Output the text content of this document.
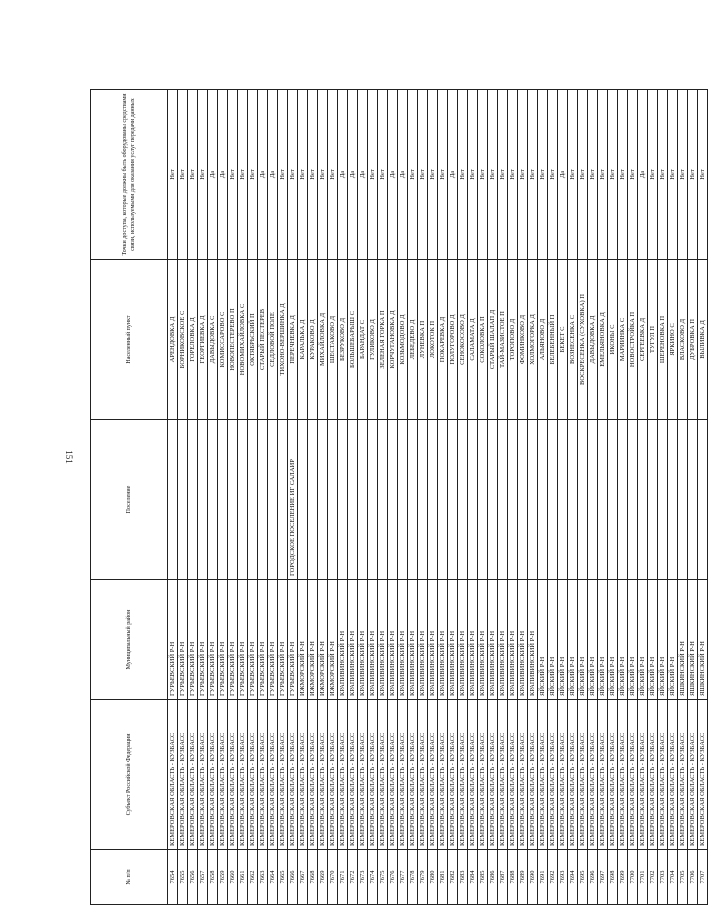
151
№ п/п	Субъект Российской Федерации	Муниципальный район	Поселение	Населенный пункт	Точки доступа, которые должны быть оборудованы средствами связи, используемыми для оказания услуг передачи данных
7654	КЕМЕРОВСКАЯ ОБЛАСТЬ - КУЗБАСС	ГУРЬЕВСКИЙ Р-Н		АРЕНДОВКА Д	Нет
7655	КЕМЕРОВСКАЯ ОБЛАСТЬ - КУЗБАСС	ГУРЬЕВСКИЙ Р-Н		БОРНИКОВСКОЕ С	Нет
7656	КЕМЕРОВСКАЯ ОБЛАСТЬ - КУЗБАСС	ГУРЬЕВСКИЙ Р-Н		ГОРЕЛОВКА Д	Нет
7657	КЕМЕРОВСКАЯ ОБЛАСТЬ - КУЗБАСС	ГУРЬЕВСКИЙ Р-Н		ГЕОРГИЕВКА Д	Нет
7658	КЕМЕРОВСКАЯ ОБЛАСТЬ - КУЗБАСС	ГУРЬЕВСКИЙ Р-Н		ДАВЫДОВКА С	Да
7659	КЕМЕРОВСКАЯ ОБЛАСТЬ - КУЗБАСС	ГУРЬЕВСКИЙ Р-Н		КОМИССАРОВО С	Да
7660	КЕМЕРОВСКАЯ ОБЛАСТЬ - КУЗБАСС	ГУРЬЕВСКИЙ Р-Н		НОВОПЕСТЕРЕВО П	Нет
7661	КЕМЕРОВСКАЯ ОБЛАСТЬ - КУЗБАСС	ГУРЬЕВСКИЙ Р-Н		НОВОМИХАЙЛОВКА С	Нет
7662	КЕМЕРОВСКАЯ ОБЛАСТЬ - КУЗБАСС	ГУРЬЕВСКИЙ Р-Н		ОКТЯБРЬСКИЙ П	Нет
7663	КЕМЕРОВСКАЯ ОБЛАСТЬ - КУЗБАСС	ГУРЬЕВСКИЙ Р-Н		СТАРЫЙ ПЕСТЕРЕВ	Да
7664	КЕМЕРОВСКАЯ ОБЛАСТЬ - КУЗБАСС	ГУРЬЕВСКИЙ Р-Н		СЕДЛОВОЙ ПОЛЕ	Да
7665	КЕМЕРОВСКАЯ ОБЛАСТЬ - КУЗБАСС	ГУРЬЕВСКИЙ Р-Н		ТИХОНО-ВЕРШИНКА Д	Нет
7666	КЕМЕРОВСКАЯ ОБЛАСТЬ - КУЗБАСС	ГУРЬЕВСКИЙ Р-Н	ГОРОДСКОЕ ПОСЕЛЕНИЕ ИГ САЛАИР	ПЕРЕЧНЕВКА Д	Нет
7667	КЕМЕРОВСКАЯ ОБЛАСТЬ - КУЗБАСС	ИЖМОРСКИЙ Р-Н		КАРАЛЬКА Д	Нет
7668	КЕМЕРОВСКАЯ ОБЛАСТЬ - КУЗБАСС	ИЖМОРСКИЙ Р-Н		КУРАКОВО Д	Нет
7669	КЕМЕРОВСКАЯ ОБЛАСТЬ - КУЗБАСС	ИЖМОРСКИЙ Р-Н		МИХАЙЛОВКА Д	Нет
7670	КЕМЕРОВСКАЯ ОБЛАСТЬ - КУЗБАСС	ИЖМОРСКИЙ Р-Н		ШЕСТАКОВО Д	Нет
7671	КЕМЕРОВСКАЯ ОБЛАСТЬ - КУЗБАСС	КРАПИВИНСКИЙ Р-Н		БЕЗРУКОВО Д	Да
7672	КЕМЕРОВСКАЯ ОБЛАСТЬ - КУЗБАСС	КРАПИВИНСКИЙ Р-Н		БОЛЬШЕБАРЫШ С	Да
7673	КЕМЕРОВСКАЯ ОБЛАСТЬ - КУЗБАСС	КРАПИВИНСКИЙ Р-Н		БАРАНДАТ С	Да
7674	КЕМЕРОВСКАЯ ОБЛАСТЬ - КУЗБАСС	КРАПИВИНСКИЙ Р-Н		ГУЛИКОВО Д	Нет
7675	КЕМЕРОВСКАЯ ОБЛАСТЬ - КУЗБАСС	КРАПИВИНСКИЙ Р-Н		ЗЕЛЕНАЯ ГОРКА П	Нет
7676	КЕМЕРОВСКАЯ ОБЛАСТЬ - КУЗБАСС	КРАПИВИНСКИЙ Р-Н		КОРЧУГАНОВКА Д	Да
7677	КЕМЕРОВСКАЯ ОБЛАСТЬ - КУЗБАСС	КРАПИВИНСКИЙ Р-Н		КОЗЬМОДОВО Д	Да
7678	КЕМЕРОВСКАЯ ОБЛАСТЬ - КУЗБАСС	КРАПИВИНСКИЙ Р-Н		ЛЕБЕДЕВО Д	Нет
7679	КЕМЕРОВСКАЯ ОБЛАСТЬ - КУЗБАСС	КРАПИВИНСКИЙ Р-Н		ЛУНЕВКА П	Нет
7680	КЕМЕРОВСКАЯ ОБЛАСТЬ - КУЗБАСС	КРАПИВИНСКИЙ Р-Н		ЛОКОТОК П	Нет
7681	КЕМЕРОВСКАЯ ОБЛАСТЬ - КУЗБАСС	КРАПИВИНСКИЙ Р-Н		ПОКАРЕВКА Д	Нет
7682	КЕМЕРОВСКАЯ ОБЛАСТЬ - КУЗБАСС	КРАПИВИНСКИЙ Р-Н		ПОЛУГОРОВО Д	Да
7683	КЕМЕРОВСКАЯ ОБЛАСТЬ - КУЗБАСС	КРАПИВИНСКИЙ Р-Н		СЕНОКОСОВО Д	Нет
7684	КЕМЕРОВСКАЯ ОБЛАСТЬ - КУЗБАСС	КРАПИВИНСКИЙ Р-Н		САЛАМАТА Д	Нет
7685	КЕМЕРОВСКАЯ ОБЛАСТЬ - КУЗБАСС	КРАПИВИНСКИЙ Р-Н		СОКОЛОВКА П	Нет
7686	КЕМЕРОВСКАЯ ОБЛАСТЬ - КУЗБАСС	КРАПИВИНСКИЙ Р-Н		СТАРЫЙ ШАЛАП Д	Нет
7687	КЕМЕРОВСКАЯ ОБЛАСТЬ - КУЗБАСС	КРАПИВИНСКИЙ Р-Н		ТАЙ-МАЗИСТОЕ П	Нет
7688	КЕМЕРОВСКАЯ ОБЛАСТЬ - КУЗБАСС	КРАПИВИНСКИЙ Р-Н		ТОРОПОВО Д	Нет
7689	КЕМЕРОВСКАЯ ОБЛАСТЬ - КУЗБАСС	КРАПИВИНСКИЙ Р-Н		ФОМИНКОВО Д	Нет
7690	КЕМЕРОВСКАЯ ОБЛАСТЬ - КУЗБАСС	КРАПИВИНСКИЙ Р-Н		ХОЛМОГОРКА Д	Нет
7691	КЕМЕРОВСКАЯ ОБЛАСТЬ - КУЗБАСС	ЯЙСКИЙ Р-Н		АЛЬЯНОВО Д	Нет
7692	КЕМЕРОВСКАЯ ОБЛАСТЬ - КУЗБАСС	ЯЙСКИЙ Р-Н		БЕЛЕБЕННЫЙ П	Нет
7693	КЕМЕРОВСКАЯ ОБЛАСТЬ - КУЗБАСС	ЯЙСКИЙ Р-Н		БЕКЕТ С	Да
7694	КЕМЕРОВСКАЯ ОБЛАСТЬ - КУЗБАСС	ЯЙСКИЙ Р-Н		ВОЗНЕСЕНКА С	Нет
7695	КЕМЕРОВСКАЯ ОБЛАСТЬ - КУЗБАСС	ЯЙСКИЙ Р-Н		ВОСКРЕСЕНКА (СУХОВКА) П	Нет
7696	КЕМЕРОВСКАЯ ОБЛАСТЬ - КУЗБАСС	ЯЙСКИЙ Р-Н		ДАВЫДОВКА Д	Нет
7697	КЕМЕРОВСКАЯ ОБЛАСТЬ - КУЗБАСС	ЯЙСКИЙ Р-Н		ЕМЕЛЬЯНОВКА Д	Нет
7698	КЕМЕРОВСКАЯ ОБЛАСТЬ - КУЗБАСС	ЯЙСКИЙ Р-Н		ИКОНЫ С	Нет
7699	КЕМЕРОВСКАЯ ОБЛАСТЬ - КУЗБАСС	ЯЙСКИЙ Р-Н		МАРИИНКА С	Нет
7700	КЕМЕРОВСКАЯ ОБЛАСТЬ - КУЗБАСС	ЯЙСКИЙ Р-Н		НОВОСТРОЙКА П	Нет
7701	КЕМЕРОВСКАЯ ОБЛАСТЬ - КУЗБАСС	ЯЙСКИЙ Р-Н		СЕРГЕЕВКА Д	Да
7702	КЕМЕРОВСКАЯ ОБЛАСТЬ - КУЗБАСС	ЯЙСКИЙ Р-Н		ТУГУЛ П	Нет
7703	КЕМЕРОВСКАЯ ОБЛАСТЬ - КУЗБАСС	ЯЙСКИЙ Р-Н		ШЕРЕНОВКА П	Нет
7704	КЕМЕРОВСКАЯ ОБЛАСТЬ - КУЗБАСС	ЯЙСКИЙ Р-Н		ЯРКИНО С	Нет
7705	КЕМЕРОВСКАЯ ОБЛАСТЬ - КУЗБАСС	ЯШКИНСКИЙ Р-Н		ВЛАСКОВО Д	Нет
7706	КЕМЕРОВСКАЯ ОБЛАСТЬ - КУЗБАСС	ЯШКИНСКИЙ Р-Н		ДУБРОВКА П	Нет
7707	КЕМЕРОВСКАЯ ОБЛАСТЬ - КУЗБАСС	ЯШКИНСКИЙ Р-Н		ВЫЛИВКА Д	Нет
